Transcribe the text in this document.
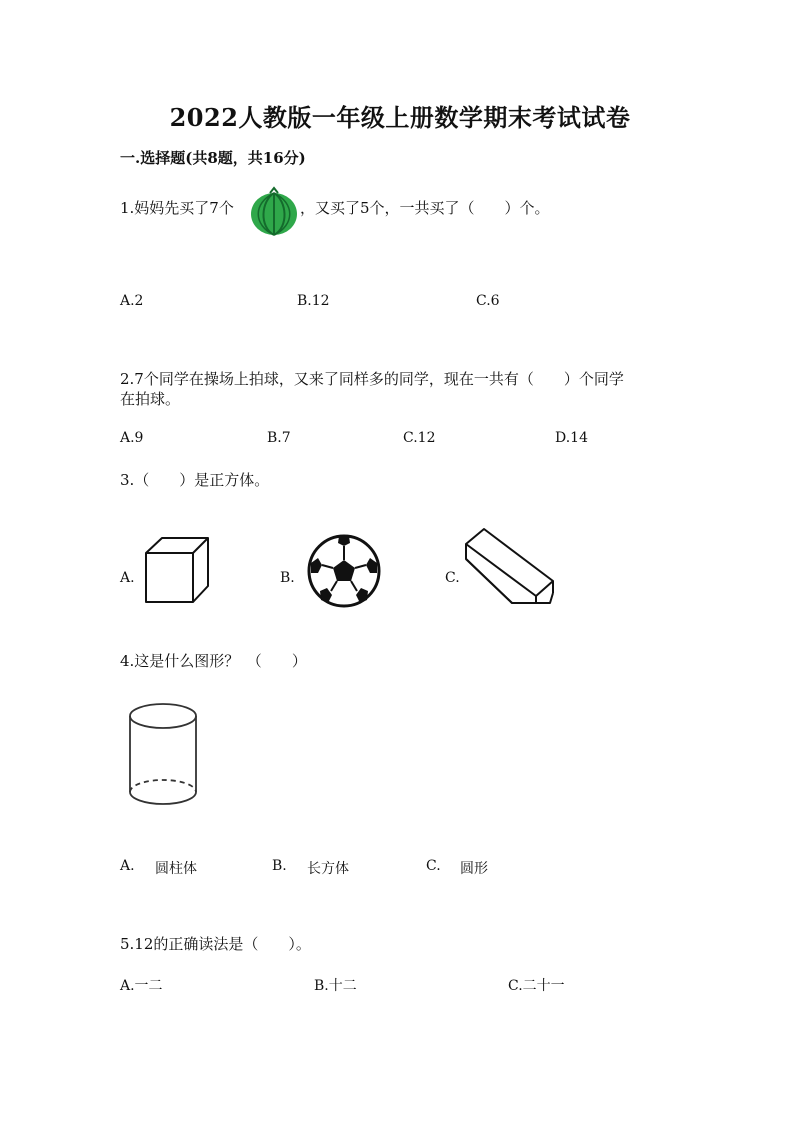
2022人教版一年级上册数学期末考试试卷
一.选择题(共8题，共16分)
1.妈妈先买了7个	，又买了5个，一共买了（　　）个。
A.2	B.12	C.6
2.7个同学在操场上拍球，又来了同样多的同学，现在一共有（　　）个同学
在拍球。
A.9	B.7	C.12	D.14
3.（　　）是正方体。
A.	B.	C.
4.这是什么图形？　（　　）
A. 圆柱体	B. 长方体	C. 圆形
5.12的正确读法是（　　）。
A.一二	B.十二	C.二十一
